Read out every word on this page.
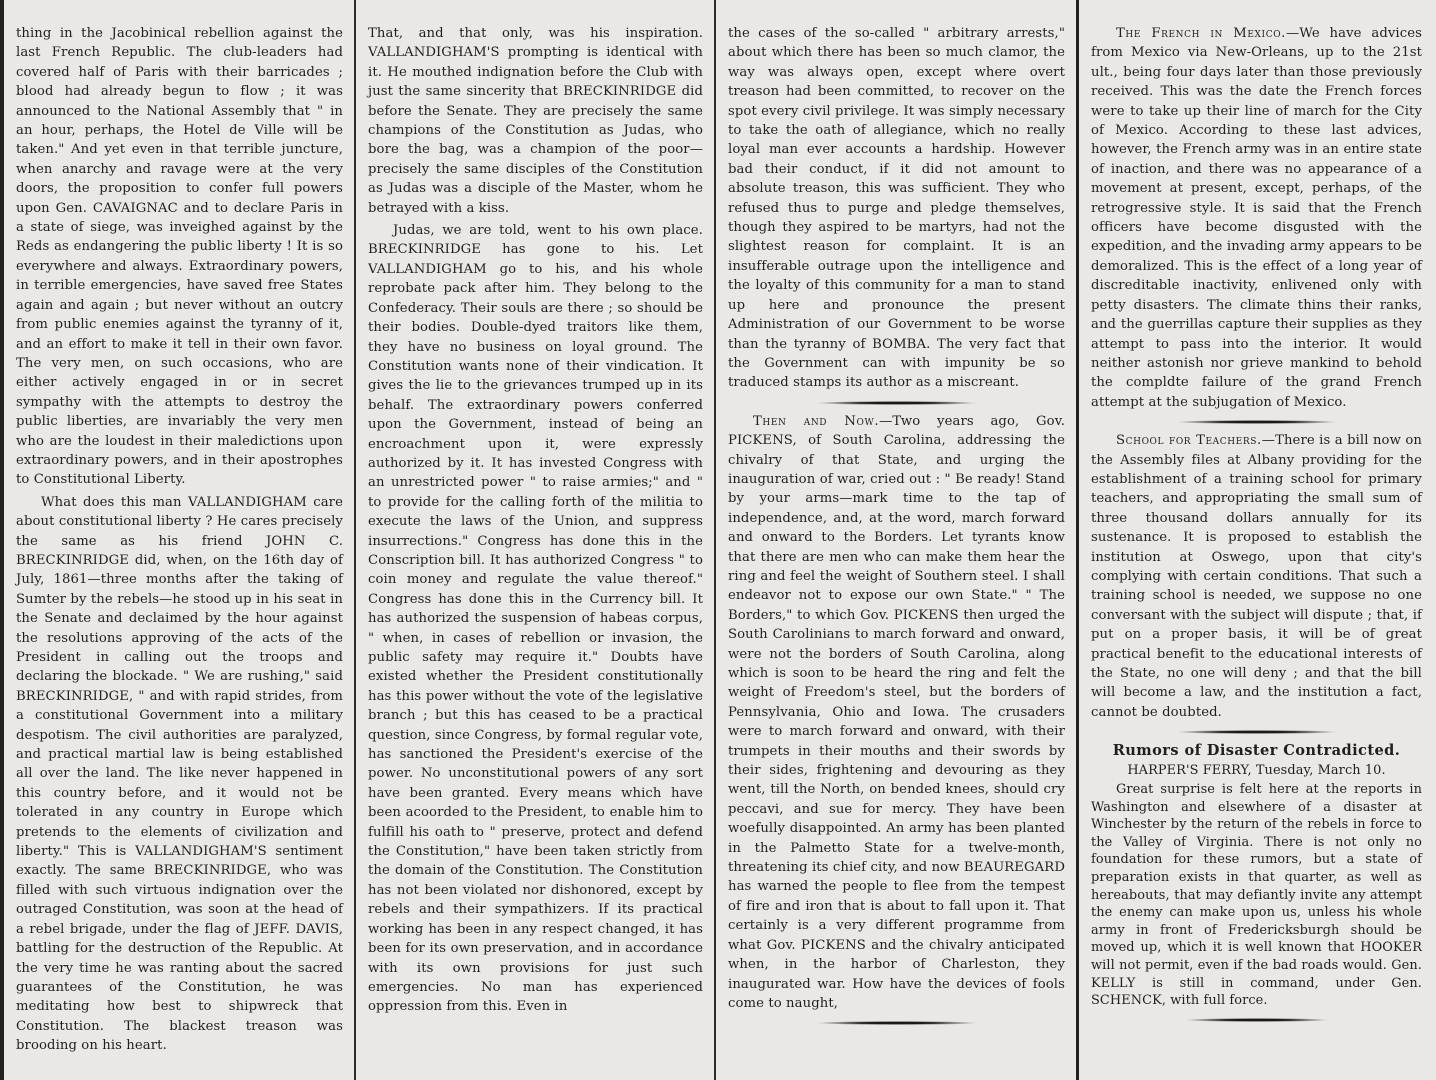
thing in the Jacobinical rebellion against the last French Republic. The club-leaders had covered half of Paris with their barricades ; blood had already begun to flow ; it was announced to the National Assembly that " in an hour, perhaps, the Hotel de Ville will be taken." And yet even in that terrible juncture, when anarchy and ravage were at the very doors, the proposition to confer full powers upon Gen. CAVAIGNAC and to declare Paris in a state of siege, was inveighed against by the Reds as endangering the public liberty ! It is so everywhere and always. Extraordinary powers, in terrible emergencies, have saved free States again and again ; but never without an outcry from public enemies against the tyranny of it, and an effort to make it tell in their own favor. The very men, on such occasions, who are either actively engaged in or in secret sympathy with the attempts to destroy the public liberties, are invariably the very men who are the loudest in their maledictions upon extraordinary powers, and in their apostrophes to Constitutional Liberty.

What does this man VALLANDIGHAM care about constitutional liberty ? He cares precisely the same as his friend JOHN C. BRECKINRIDGE did, when, on the 16th day of July, 1861—three months after the taking of Sumter by the rebels—he stood up in his seat in the Senate and declaimed by the hour against the resolutions approving of the acts of the President in calling out the troops and declaring the blockade. " We are rushing," said BRECKINRIDGE, " and with rapid strides, from a constitutional Government into a military despotism. The civil authorities are paralyzed, and practical martial law is being established all over the land. The like never happened in this country before, and it would not be tolerated in any country in Europe which pretends to the elements of civilization and liberty." This is VALLANDIGHAM'S sentiment exactly. The same BRECKINRIDGE, who was filled with such virtuous indignation over the outraged Constitution, was soon at the head of a rebel brigade, under the flag of JEFF. DAVIS, battling for the destruction of the Republic. At the very time he was ranting about the sacred guarantees of the Constitution, he was meditating how best to shipwreck that Constitution. The blackest treason was brooding on his heart.

That, and that only, was his inspiration. VALLANDIGHAM'S prompting is identical with it. He mouthed indignation before the Club with just the same sincerity that BRECKINRIDGE did before the Senate. They are precisely the same champions of the Constitution as Judas, who bore the bag, was a champion of the poor—precisely the same disciples of the Constitution as Judas was a disciple of the Master, whom he betrayed with a kiss.

Judas, we are told, went to his own place. BRECKINRIDGE has gone to his. Let VALLANDIGHAM go to his, and his whole reprobate pack after him. They belong to the Confederacy. Their souls are there ; so should be their bodies. Double-dyed traitors like them, they have no business on loyal ground. The Constitution wants none of their vindication. It gives the lie to the grievances trumped up in its behalf. The extraordinary powers conferred upon the Government, instead of being an encroachment upon it, were expressly authorized by it. It has invested Congress with an unrestricted power " to raise armies;" and " to provide for the calling forth of the militia to execute the laws of the Union, and suppress insurrections." Congress has done this in the Conscription bill. It has authorized Congress " to coin money and regulate the value thereof." Congress has done this in the Currency bill. It has authorized the suspension of habeas corpus, " when, in cases of rebellion or invasion, the public safety may require it." Doubts have existed whether the President constitutionally has this power without the vote of the legislative branch ; but this has ceased to be a practical question, since Congress, by formal regular vote, has sanctioned the President's exercise of the power. No unconstitutional powers of any sort have been granted. Every means which have been acoorded to the President, to enable him to fulfill his oath to " preserve, protect and defend the Constitution," have been taken strictly from the domain of the Constitution. The Constitution has not been violated nor dishonored, except by rebels and their sympathizers. If its practical working has been in any respect changed, it has been for its own preservation, and in accordance with its own provisions for just such emergencies. No man has experienced oppression from this. Even in

the cases of the so-called " arbitrary arrests," about which there has been so much clamor, the way was always open, except where overt treason had been committed, to recover on the spot every civil privilege. It was simply necessary to take the oath of allegiance, which no really loyal man ever accounts a hardship. However bad their conduct, if it did not amount to absolute treason, this was sufficient. They who refused thus to purge and pledge themselves, though they aspired to be martyrs, had not the slightest reason for complaint. It is an insufferable outrage upon the intelligence and the loyalty of this community for a man to stand up here and pronounce the present Administration of our Government to be worse than the tyranny of BOMBA. The very fact that the Government can with impunity be so traduced stamps its author as a miscreant.

Then and Now.—Two years ago, Gov. PICKENS, of South Carolina, addressing the chivalry of that State, and urging the inauguration of war, cried out : " Be ready! Stand by your arms—mark time to the tap of independence, and, at the word, march forward and onward to the Borders. Let tyrants know that there are men who can make them hear the ring and feel the weight of Southern steel. I shall endeavor not to expose our own State." " The Borders," to which Gov. PICKENS then urged the South Carolinians to march forward and onward, were not the borders of South Carolina, along which is soon to be heard the ring and felt the weight of Freedom's steel, but the borders of Pennsylvania, Ohio and Iowa. The crusaders were to march forward and onward, with their trumpets in their mouths and their swords by their sides, frightening and devouring as they went, till the North, on bended knees, should cry peccavi, and sue for mercy. They have been woefully disappointed. An army has been planted in the Palmetto State for a twelve-month, threatening its chief city, and now BEAUREGARD has warned the people to flee from the tempest of fire and iron that is about to fall upon it. That certainly is a very different programme from what Gov. PICKENS and the chivalry anticipated when, in the harbor of Charleston, they inaugurated war. How have the devices of fools come to naught,

The French in Mexico.—We have advices from Mexico via New-Orleans, up to the 21st ult., being four days later than those previously received. This was the date the French forces were to take up their line of march for the City of Mexico. According to these last advices, however, the French army was in an entire state of inaction, and there was no appearance of a movement at present, except, perhaps, of the retrogressive style. It is said that the French officers have become disgusted with the expedition, and the invading army appears to be demoralized. This is the effect of a long year of discreditable inactivity, enlivened only with petty disasters. The climate thins their ranks, and the guerrillas capture their supplies as they attempt to pass into the interior. It would neither astonish nor grieve mankind to behold the compldte failure of the grand French attempt at the subjugation of Mexico.

School for Teachers.—There is a bill now on the Assembly files at Albany providing for the establishment of a training school for primary teachers, and appropriating the small sum of three thousand dollars annually for its sustenance. It is proposed to establish the institution at Oswego, upon that city's complying with certain conditions. That such a training school is needed, we suppose no one conversant with the subject will dispute ; that, if put on a proper basis, it will be of great practical benefit to the educational interests of the State, no one will deny ; and that the bill will become a law, and the institution a fact, cannot be doubted.

Rumors of Disaster Contradicted.

HARPER'S FERRY, Tuesday, March 10.

Great surprise is felt here at the reports in Washington and elsewhere of a disaster at Winchester by the return of the rebels in force to the Valley of Virginia. There is not only no foundation for these rumors, but a state of preparation exists in that quarter, as well as hereabouts, that may defiantly invite any attempt the enemy can make upon us, unless his whole army in front of Fredericksburgh should be moved up, which it is well known that HOOKER will not permit, even if the bad roads would. Gen. KELLY is still in command, under Gen. SCHENCK, with full force.
